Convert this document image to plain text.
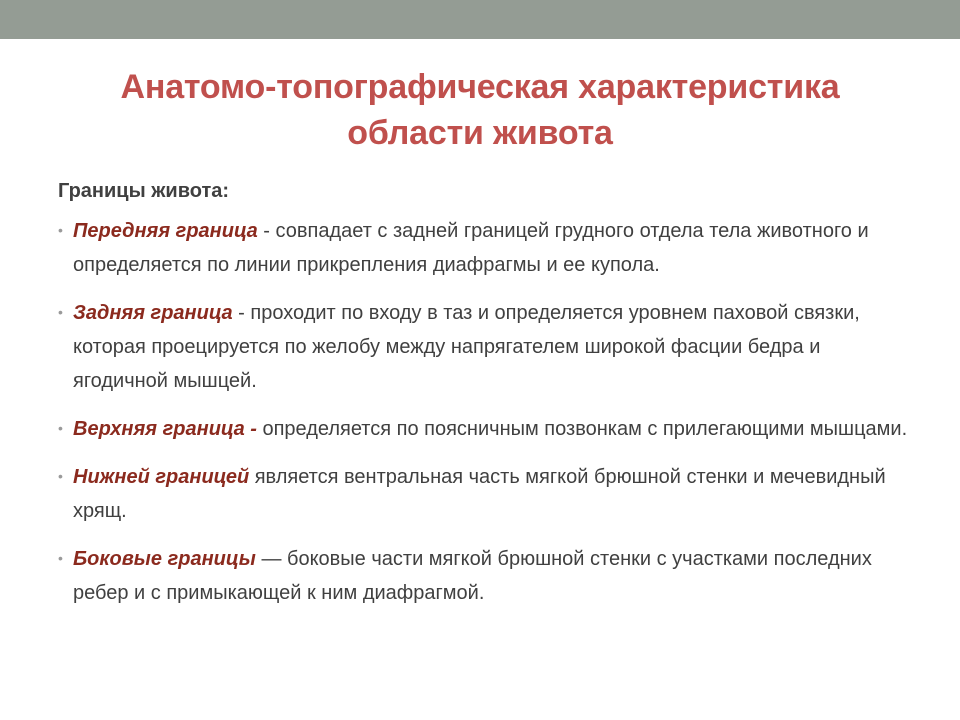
Анатомо-топографическая характеристика
области живота

Границы живота:

• Передняя граница - совпадает с задней границей грудного отдела тела животного и определяется по линии прикрепления диафрагмы и ее купола.
• Задняя граница - проходит по входу в таз и определяется уровнем паховой связки, которая проецируется по желобу между напрягателем широкой фасции бедра и ягодичной мышцей.
• Верхняя граница - определяется по поясничным позвонкам с прилегающими мышцами.
• Нижней границей является вентральная часть мягкой брюшной стенки и мечевидный хрящ.
• Боковые границы — боковые части мягкой брюшной стенки с участками последних ребер и с примыкающей к ним диафрагмой.
